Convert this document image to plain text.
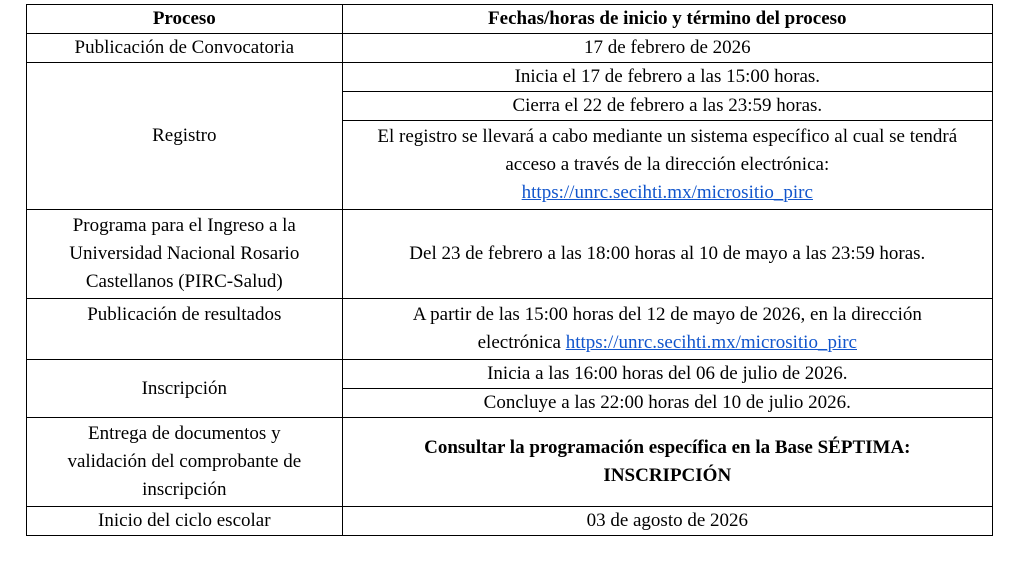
Proceso	Fechas/horas de inicio y término del proceso
Publicación de Convocatoria	17 de febrero de 2026
Registro	Inicia el 17 de febrero a las 15:00 horas.
	Cierra el 22 de febrero a las 23:59 horas.
	El registro se llevará a cabo mediante un sistema específico al cual se tendrá acceso a través de la dirección electrónica:
https://unrc.secihti.mx/micrositio_pirc

Programa para el Ingreso a la Universidad Nacional Rosario Castellanos (PIRC-Salud)	Del 23 de febrero a las 18:00 horas al 10 de mayo a las 23:59 horas.
Publicación de resultados	A partir de las 15:00 horas del 12 de mayo de 2026, en la dirección electrónica https://unrc.secihti.mx/micrositio_pirc
Inscripción	Inicia a las 16:00 horas del 06 de julio de 2026.
	Concluye a las 22:00 horas del 10 de julio 2026.
Entrega de documentos y validación del comprobante de inscripción	Consultar la programación específica en la Base SÉPTIMA: INSCRIPCIÓN
Inicio del ciclo escolar	03 de agosto de 2026
